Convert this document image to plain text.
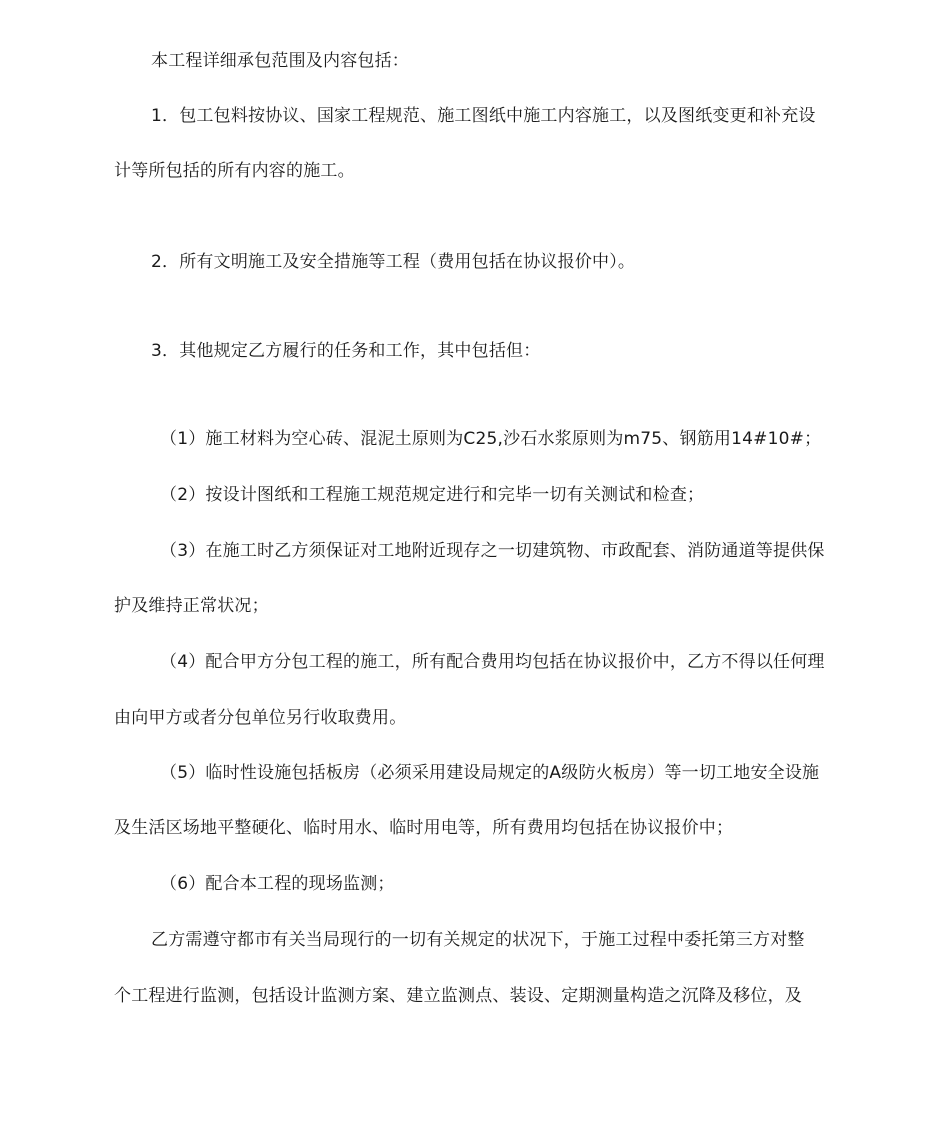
本工程详细承包范围及内容包括：
1．包工包料按协议、国家工程规范、施工图纸中施工内容施工，以及图纸变更和补充设
计等所包括的所有内容的施工。
2．所有文明施工及安全措施等工程（费用包括在协议报价中）。
3．其他规定乙方履行的任务和工作，其中包括但：
（1）施工材料为空心砖、混泥土原则为C25,沙石水浆原则为m75、钢筋用14#10#；
（2）按设计图纸和工程施工规范规定进行和完毕一切有关测试和检查；
（3）在施工时乙方须保证对工地附近现存之一切建筑物、市政配套、消防通道等提供保
护及维持正常状况；
（4）配合甲方分包工程的施工，所有配合费用均包括在协议报价中，乙方不得以任何理
由向甲方或者分包单位另行收取费用。
（5）临时性设施包括板房（必须采用建设局规定的A级防火板房）等一切工地安全设施
及生活区场地平整硬化、临时用水、临时用电等，所有费用均包括在协议报价中；
（6）配合本工程的现场监测；
乙方需遵守都市有关当局现行的一切有关规定的状况下，于施工过程中委托第三方对整
个工程进行监测，包括设计监测方案、建立监测点、装设、定期测量构造之沉降及移位，及
